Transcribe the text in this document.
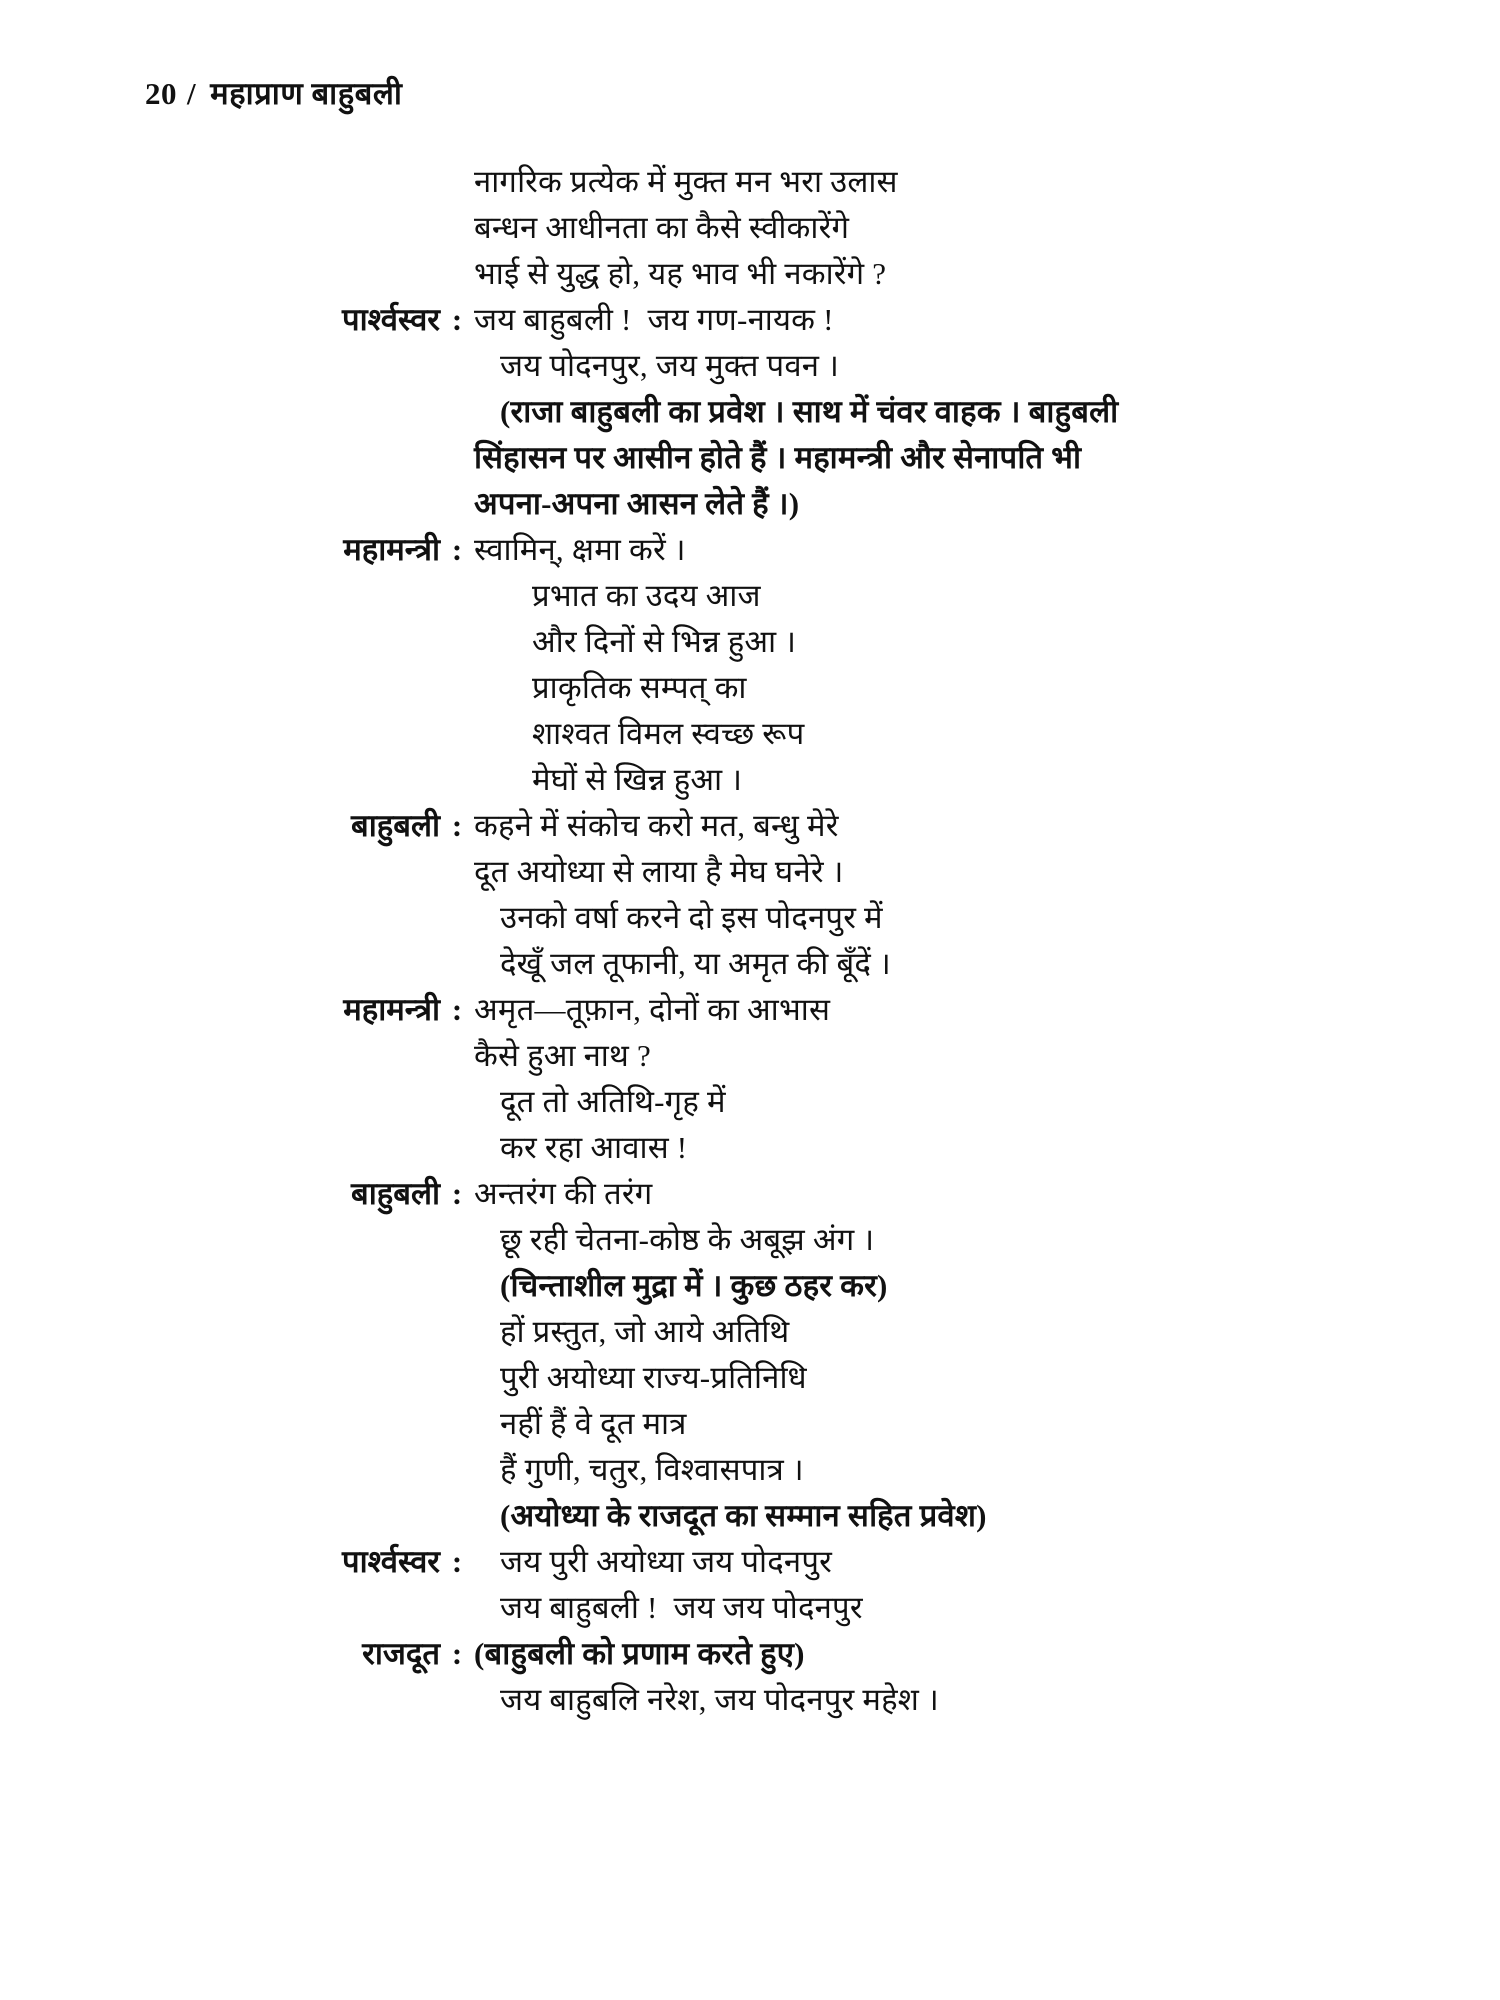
20 / महाप्राण बाहुबली
नागरिक प्रत्येक में मुक्त मन भरा उलास
बन्धन आधीनता का कैसे स्वीकारेंगे
भाई से युद्ध हो, यह भाव भी नकारेंगे ?
पार्श्वस्वर : जय बाहुबली !  जय गण-नायक !
जय पोदनपुर, जय मुक्त पवन ।
(राजा बाहुबली का प्रवेश । साथ में चंवर वाहक । बाहुबली
सिंहासन पर आसीन होते हैं । महामन्त्री और सेनापति भी
अपना-अपना आसन लेते हैं ।)
महामन्त्री : स्वामिन्, क्षमा करें ।
प्रभात का उदय आज
और दिनों से भिन्न हुआ ।
प्राकृतिक सम्पत् का
शाश्वत विमल स्वच्छ रूप
मेघों से खिन्न हुआ ।
बाहुबली : कहने में संकोच करो मत, बन्धु मेरे
दूत अयोध्या से लाया है मेघ घनेरे ।
उनको वर्षा करने दो इस पोदनपुर में
देखूँ जल तूफानी, या अमृत की बूँदें ।
महामन्त्री : अमृत—तूफ़ान, दोनों का आभास
कैसे हुआ नाथ ?
दूत तो अतिथि-गृह में
कर रहा आवास !
बाहुबली : अन्तरंग की तरंग
छू रही चेतना-कोष्ठ के अबूझ अंग ।
(चिन्ताशील मुद्रा में । कुछ ठहर कर)
हों प्रस्तुत, जो आये अतिथि
पुरी अयोध्या राज्य-प्रतिनिधि
नहीं हैं वे दूत मात्र
हैं गुणी, चतुर, विश्वासपात्र ।
(अयोध्या के राजदूत का सम्मान सहित प्रवेश)
पार्श्वस्वर :	जय पुरी अयोध्या जय पोदनपुर
जय बाहुबली !  जय जय पोदनपुर
राजदूत : (बाहुबली को प्रणाम करते हुए)
जय बाहुबलि नरेश, जय पोदनपुर महेश ।
